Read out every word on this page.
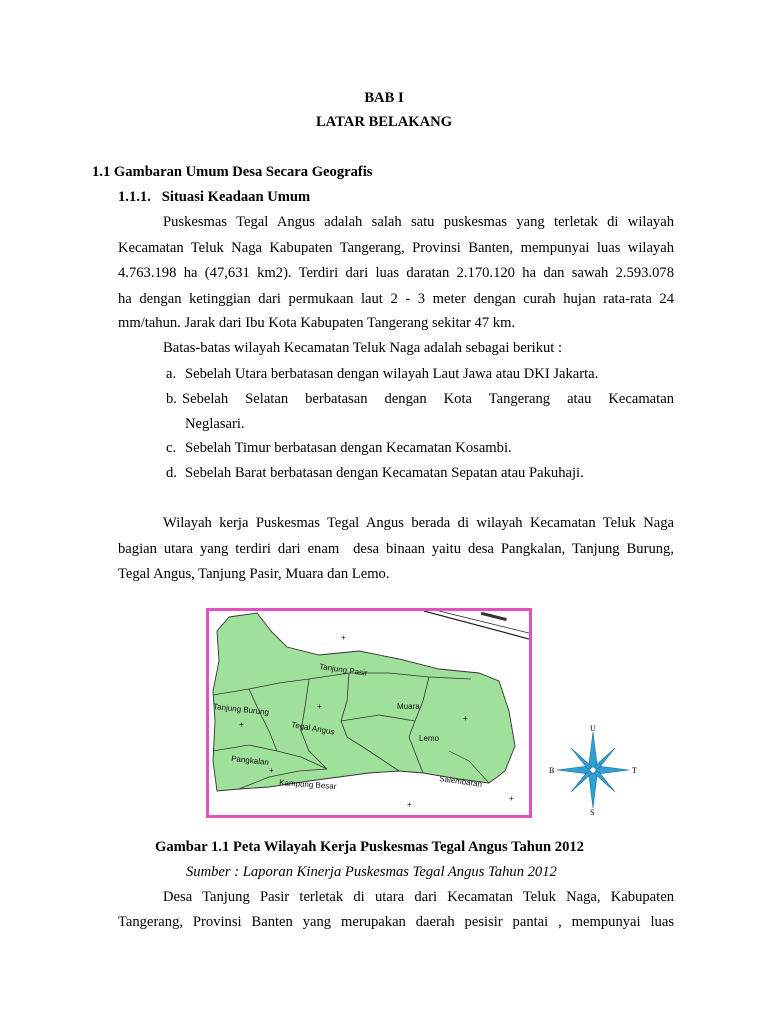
BAB I
LATAR BELAKANG
1.1 Gambaran Umum Desa Secara Geografis
1.1.1.   Situasi Keadaan Umum
Puskesmas Tegal Angus adalah salah satu puskesmas yang terletak di wilayah
Kecamatan Teluk Naga Kabupaten Tangerang, Provinsi Banten, mempunyai luas wilayah
4.763.198 ha (47,631 km2). Terdiri dari luas daratan 2.170.120 ha dan sawah 2.593.078
ha dengan ketinggian dari permukaan laut 2 - 3 meter dengan curah hujan rata-rata 24
mm/tahun. Jarak dari Ibu Kota Kabupaten Tangerang sekitar 47 km.
Batas-batas wilayah Kecamatan Teluk Naga adalah sebagai berikut :
a. Sebelah Utara berbatasan dengan wilayah Laut Jawa atau DKI Jakarta.
b. Sebelah  Selatan  berbatasan  dengan  Kota  Tangerang  atau  Kecamatan
Neglasari.
c. Sebelah Timur berbatasan dengan Kecamatan Kosambi.
d. Sebelah Barat berbatasan dengan Kecamatan Sepatan atau Pakuhaji.
Wilayah kerja Puskesmas Tegal Angus berada di wilayah Kecamatan Teluk Naga
bagian utara yang terdiri dari enam  desa binaan yaitu desa Pangkalan, Tanjung Burung,
Tegal Angus, Tanjung Pasir, Muara dan Lemo.
+
+
+
+
+
+
+
Tanjung Pasir
Tanjung Burung
Tegal Angus
Muara
Lemo
Pangkalan
Kampung Besar	Salembaran
U
S
B	T
Gambar 1.1 Peta Wilayah Kerja Puskesmas Tegal Angus Tahun 2012
Sumber : Laporan Kinerja Puskesmas Tegal Angus Tahun 2012
Desa Tanjung Pasir terletak di utara dari Kecamatan Teluk Naga, Kabupaten
Tangerang, Provinsi Banten yang merupakan daerah pesisir pantai , mempunyai luas
